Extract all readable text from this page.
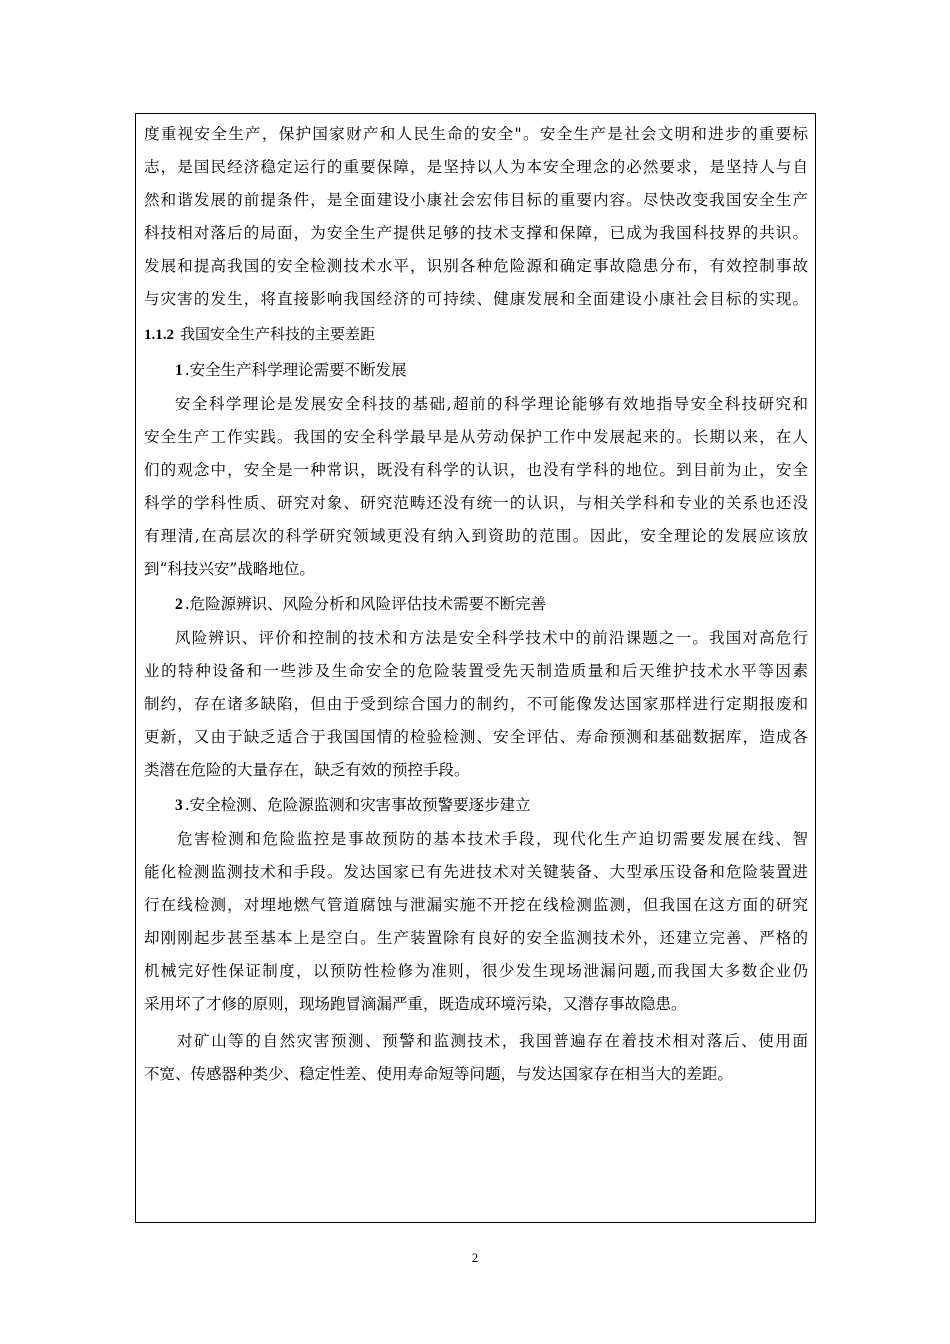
度重视安全生产，保护国家财产和人民生命的安全"。安全生产是社会文明和进步的重要标
志，是国民经济稳定运行的重要保障，是坚持以人为本安全理念的必然要求，是坚持人与自
然和谐发展的前提条件，是全面建设小康社会宏伟目标的重要内容。尽快改变我国安全生产
科技相对落后的局面，为安全生产提供足够的技术支撑和保障，已成为我国科技界的共识。
发展和提高我国的安全检测技术水平，识别各种危险源和确定事故隐患分布，有效控制事故
与灾害的发生，将直接影响我国经济的可持续、健康发展和全面建设小康社会目标的实现。
1.1.2 我国安全生产科技的主要差距
1 .安全生产科学理论需要不断发展
安全科学理论是发展安全科技的基础,超前的科学理论能够有效地指导安全科技研究和
安全生产工作实践。我国的安全科学最早是从劳动保护工作中发展起来的。长期以来，在人
们的观念中，安全是一种常识，既没有科学的认识，也没有学科的地位。到目前为止，安全
科学的学科性质、研究对象、研究范畴还没有统一的认识，与相关学科和专业的关系也还没
有理清,在高层次的科学研究领域更没有纳入到资助的范围。因此，安全理论的发展应该放
到“科技兴安”战略地位。
2 .危险源辨识、风险分析和风险评估技术需要不断完善
风险辨识、评价和控制的技术和方法是安全科学技术中的前沿课题之一。我国对高危行
业的特种设备和一些涉及生命安全的危险装置受先天制造质量和后天维护技术水平等因素
制约，存在诸多缺陷，但由于受到综合国力的制约，不可能像发达国家那样进行定期报废和
更新，又由于缺乏适合于我国国情的检验检测、安全评估、寿命预测和基础数据库，造成各
类潜在危险的大量存在，缺乏有效的预控手段。
3 .安全检测、危险源监测和灾害事故预警要逐步建立
危害检测和危险监控是事故预防的基本技术手段，现代化生产迫切需要发展在线、智
能化检测监测技术和手段。发达国家已有先进技术对关键装备、大型承压设备和危险装置进
行在线检测，对埋地燃气管道腐蚀与泄漏实施不开挖在线检测监测，但我国在这方面的研究
却刚刚起步甚至基本上是空白。生产装置除有良好的安全监测技术外，还建立完善、严格的
机械完好性保证制度，以预防性检修为准则，很少发生现场泄漏问题,而我国大多数企业仍
采用坏了才修的原则，现场跑冒滴漏严重，既造成环境污染，又潜存事故隐患。
对矿山等的自然灾害预测、预警和监测技术，我国普遍存在着技术相对落后、使用面
不宽、传感器种类少、稳定性差、使用寿命短等问题，与发达国家存在相当大的差距。
2
